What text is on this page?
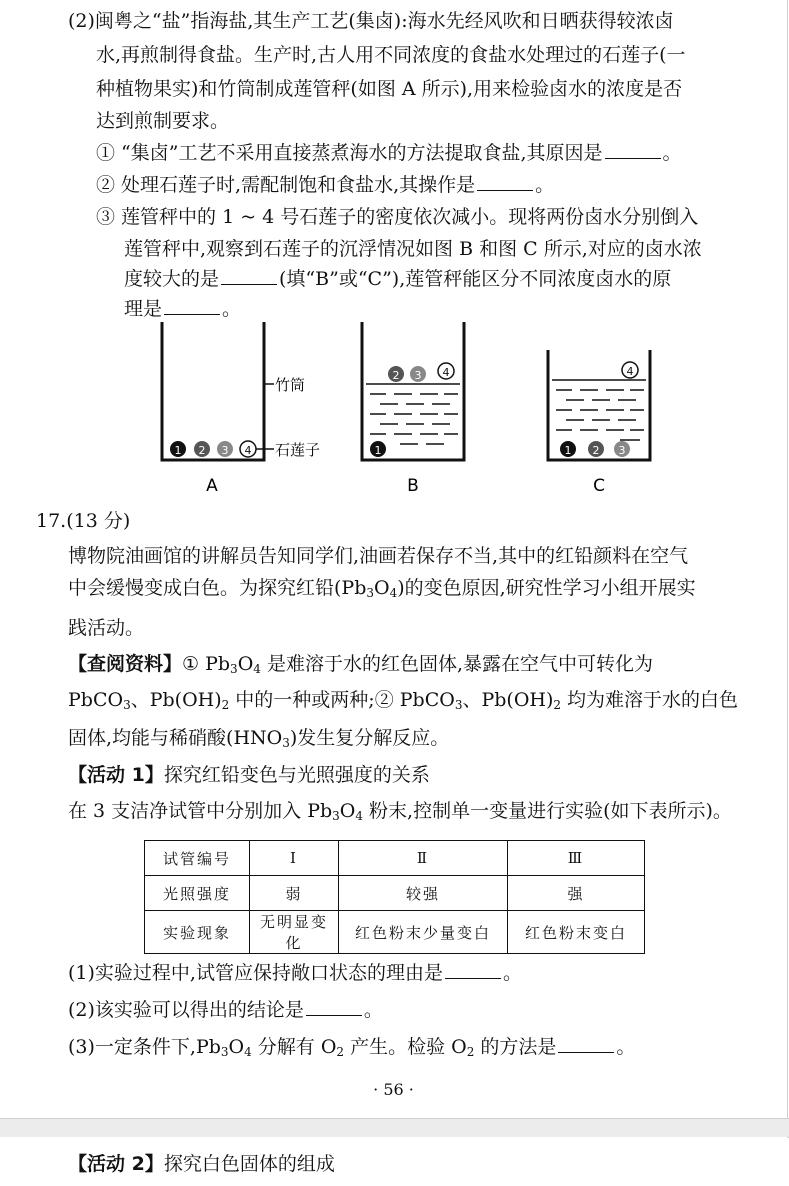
(2)闽粤之“盐”指海盐,其生产工艺(集卤):海水先经风吹和日晒获得较浓卤
水,再煎制得食盐。生产时,古人用不同浓度的食盐水处理过的石莲子(一
种植物果实)和竹筒制成莲管秤(如图 A 所示),用来检验卤水的浓度是否
达到煎制要求。
① “集卤”工艺不采用直接蒸煮海水的方法提取食盐,其原因是	。
② 处理石莲子时,需配制饱和食盐水,其操作是	。
③ 莲管秤中的 1 ~ 4 号石莲子的密度依次减小。现将两份卤水分别倒入
莲管秤中,观察到石莲子的沉浮情况如图 B 和图 C 所示,对应的卤水浓
度较大的是	(填“B”或“C”),莲管秤能区分不同浓度卤水的原
理是	。
竹筒
1 2 3 4 石莲子
A
2 3 4
1
B
4
1 2 3
C
17.(13 分)
博物院油画馆的讲解员告知同学们,油画若保存不当,其中的红铅颜料在空气
中会缓慢变成白色。为探究红铅$(Pb_3O_4)$的变色原因,研究性学习小组开展实
践活动。
【查阅资料】① $Pb_3O_4$ 是难溶于水的红色固体,暴露在空气中可转化为
PbCO$_3$、$Pb(OH)_2$ 中的一种或两种;② PbCO$_3$、$Pb(OH)_2$ 均为难溶于水的白色
固体,均能与稀硝酸$(HNO_3)$发生复分解反应。
【活动 1】探究红铅变色与光照强度的关系
在 3 支洁净试管中分别加入 $Pb_3O_4$ 粉末,控制单一变量进行实验(如下表所示)。
试管编号	Ⅰ	Ⅱ	Ⅲ
光照强度	弱	较强	强
实验现象	无明显变化	红色粉末少量变白	红色粉末变白
(1)实验过程中,试管应保持敞口状态的理由是	。
(2)该实验可以得出的结论是	。
(3)一定条件下$,Pb_3O_4$ 分解有 $O_2$ 产生。检验 $O_2$ 的方法是	。
· 56 ·
【活动 2】探究白色固体的组成
